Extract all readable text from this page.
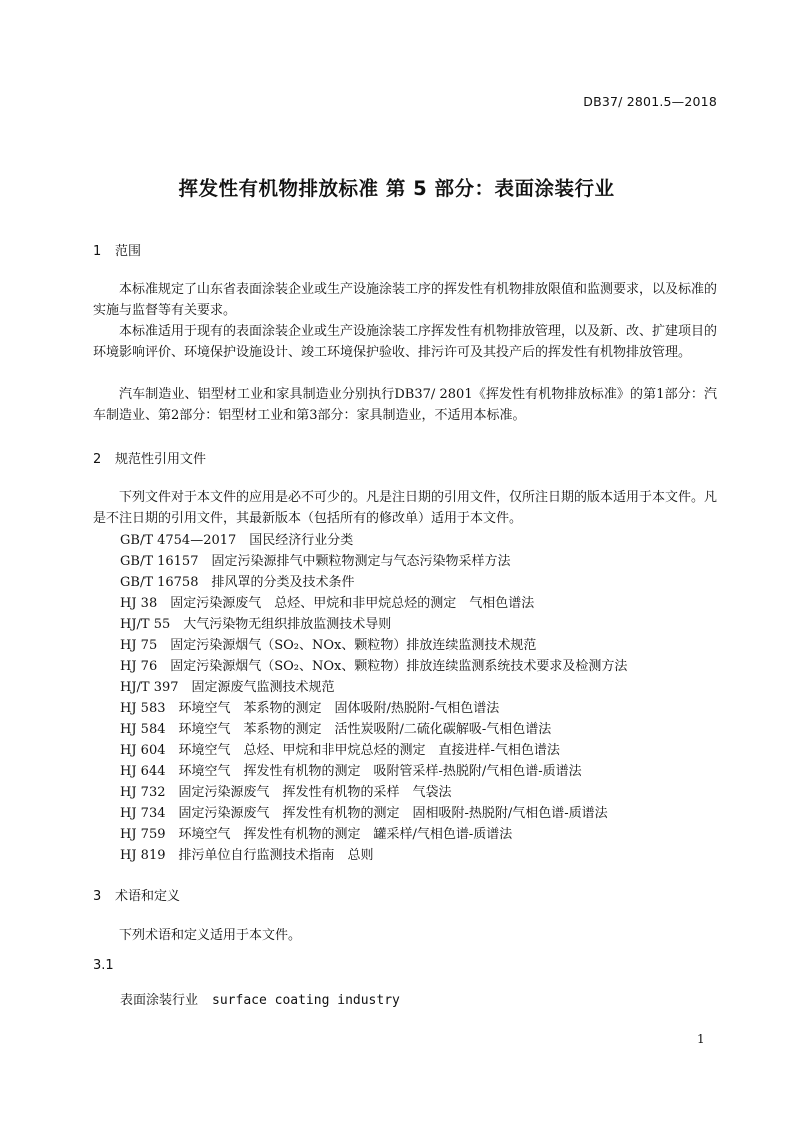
DB37/ 2801.5—2018
挥发性有机物排放标准 第 5 部分：表面涂装行业
1 范围
本标准规定了山东省表面涂装企业或生产设施涂装工序的挥发性有机物排放限值和监测要求，以及标准的实施与监督等有关要求。
本标准适用于现有的表面涂装企业或生产设施涂装工序挥发性有机物排放管理，以及新、改、扩建项目的环境影响评价、环境保护设施设计、竣工环境保护验收、排污许可及其投产后的挥发性有机物排放管理。
汽车制造业、铝型材工业和家具制造业分别执行DB37/ 2801《挥发性有机物排放标准》的第1部分：汽车制造业、第2部分：铝型材工业和第3部分：家具制造业，不适用本标准。
2 规范性引用文件
下列文件对于本文件的应用是必不可少的。凡是注日期的引用文件，仅所注日期的版本适用于本文件。凡是不注日期的引用文件，其最新版本（包括所有的修改单）适用于本文件。
GB/T 4754—2017　国民经济行业分类
GB/T 16157　固定污染源排气中颗粒物测定与气态污染物采样方法
GB/T 16758　排风罩的分类及技术条件
HJ 38　固定污染源废气　总烃、甲烷和非甲烷总烃的测定　气相色谱法
HJ/T 55　大气污染物无组织排放监测技术导则
HJ 75　固定污染源烟气（SO₂、NOx、颗粒物）排放连续监测技术规范
HJ 76　固定污染源烟气（SO₂、NOx、颗粒物）排放连续监测系统技术要求及检测方法
HJ/T 397　固定源废气监测技术规范
HJ 583　环境空气　苯系物的测定　固体吸附/热脱附-气相色谱法
HJ 584　环境空气　苯系物的测定　活性炭吸附/二硫化碳解吸-气相色谱法
HJ 604　环境空气　总烃、甲烷和非甲烷总烃的测定　直接进样-气相色谱法
HJ 644　环境空气　挥发性有机物的测定　吸附管采样-热脱附/气相色谱-质谱法
HJ 732　固定污染源废气　挥发性有机物的采样　气袋法
HJ 734　固定污染源废气　挥发性有机物的测定　固相吸附-热脱附/气相色谱-质谱法
HJ 759　环境空气　挥发性有机物的测定　罐采样/气相色谱-质谱法
HJ 819　排污单位自行监测技术指南　总则
3 术语和定义
下列术语和定义适用于本文件。
3.1
表面涂装行业 surface coating industry
1
